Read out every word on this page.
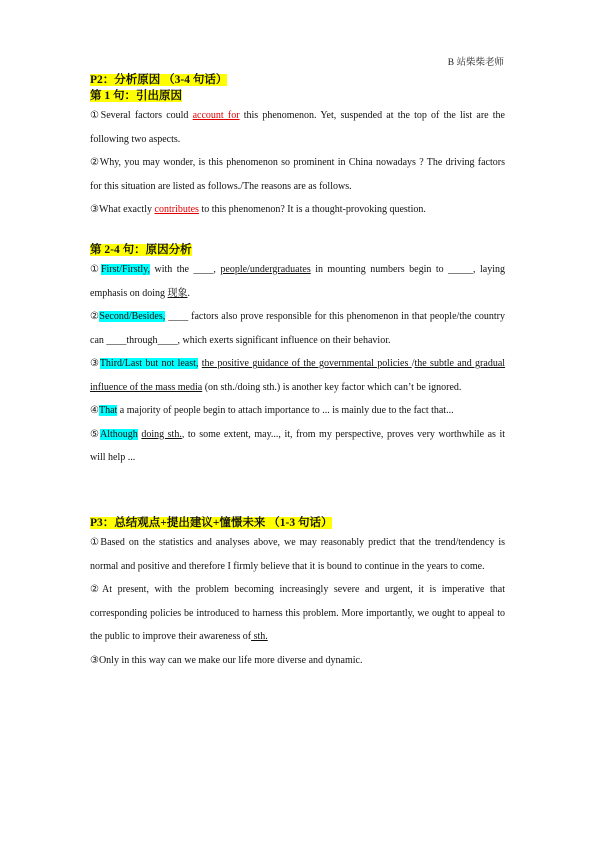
B 站柴柴老师
P2：分析原因 （3-4 句话）
第 1 句：引出原因

①Several factors could account for this phenomenon. Yet, suspended at the top of the list are the following two aspects.

②Why, you may wonder, is this phenomenon so prominent in China nowadays ? The driving factors for this situation are listed as follows./The reasons are as follows.

③What exactly contributes to this phenomenon? It is a thought-provoking question.

第 2-4 句：原因分析

①First/Firstly, with the ____, people/undergraduates in mounting numbers begin to _____, laying emphasis on doing 现象.

②Second/Besides, ____ factors also prove responsible for this phenomenon in that people/the country can ____through____, which exerts significant influence on their behavior.

③Third/Last but not least, the positive guidance of the governmental policies /the subtle and gradual influence of the mass media (on sth./doing sth.) is another key factor which can’t be ignored.

④That a majority of people begin to attach importance to ... is mainly due to the fact that...

⑤Although doing sth., to some extent, may..., it, from my perspective, proves very worthwhile as it will help ...

P3：总结观点+提出建议+憧憬未来 （1-3 句话）

①Based on the statistics and analyses above, we may reasonably predict that the trend/tendency is normal and positive and therefore I firmly believe that it is bound to continue in the years to come.

②At present, with the problem becoming increasingly severe and urgent, it is imperative that corresponding policies be introduced to harness this problem. More importantly, we ought to appeal to the public to improve their awareness of sth.

③Only in this way can we make our life more diverse and dynamic.
